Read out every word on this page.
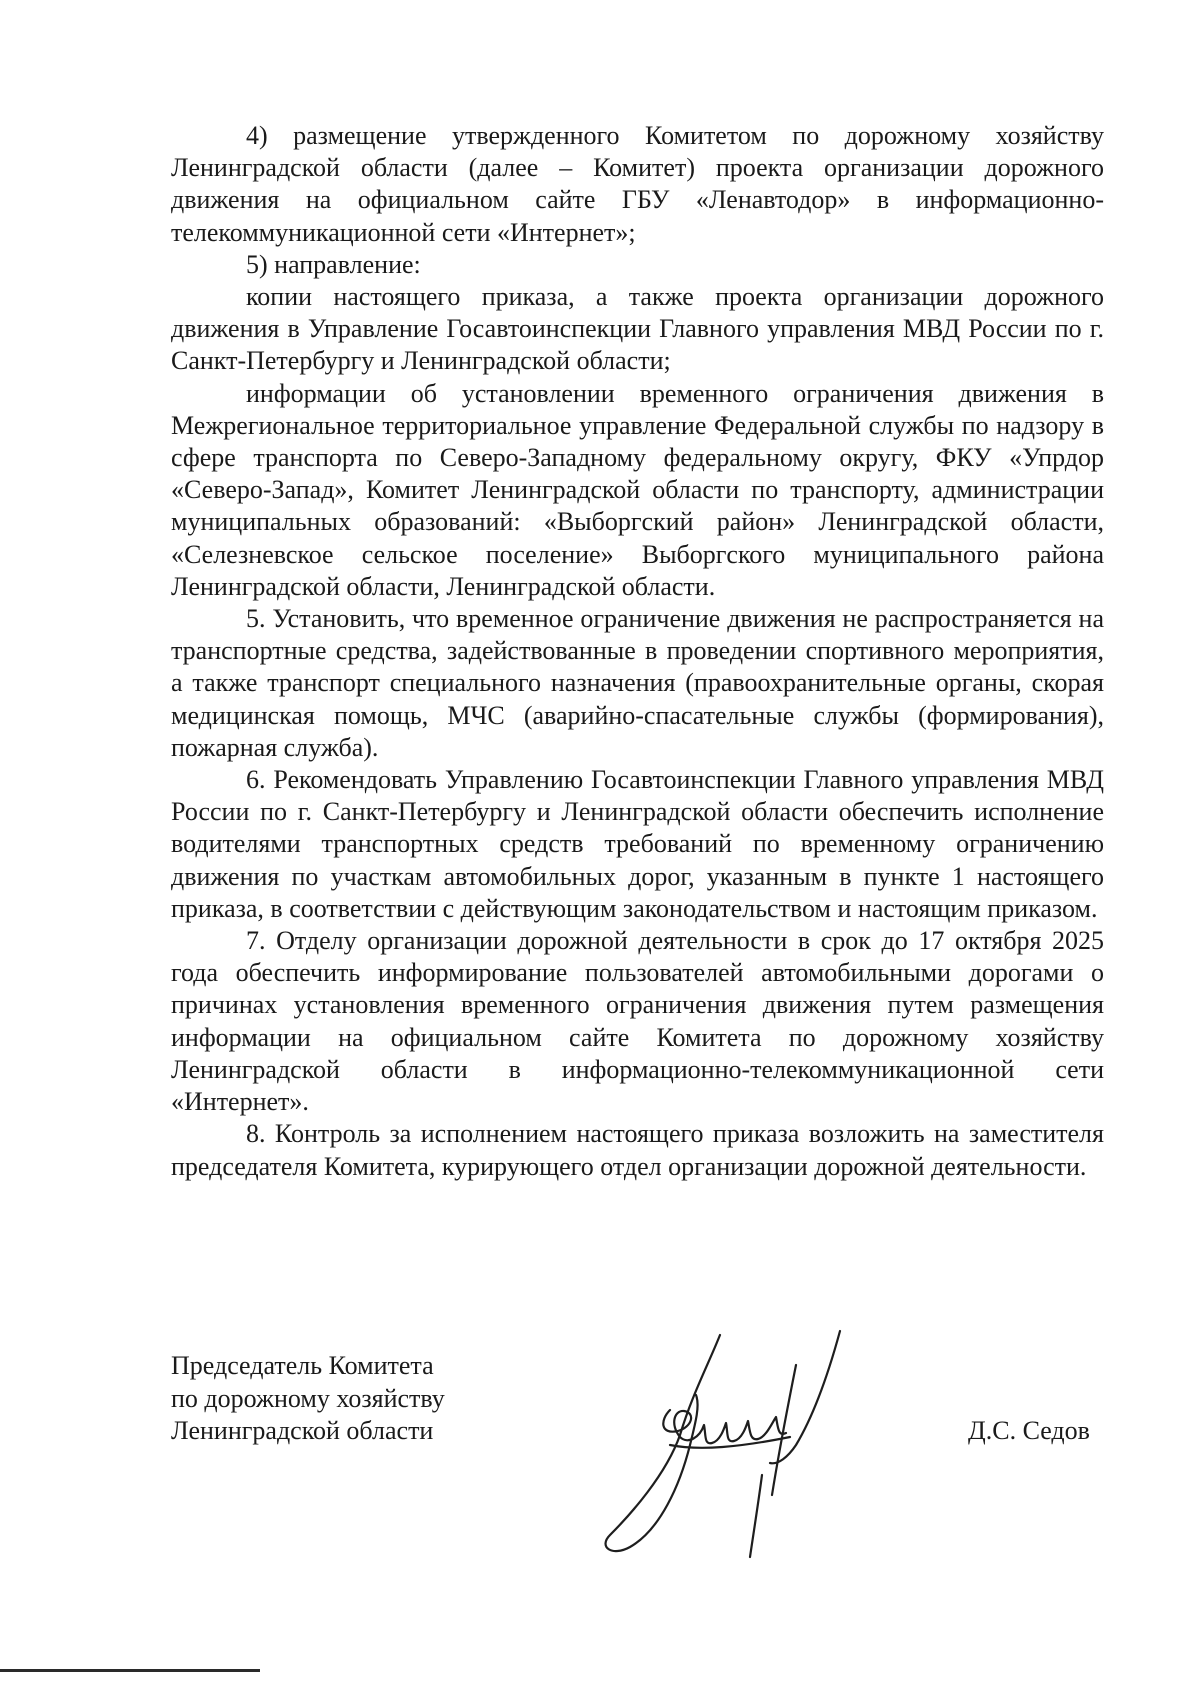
4) размещение утвержденного Комитетом по дорожному хозяйству Ленинградской области (далее – Комитет) проекта организации дорожного движения на официальном сайте ГБУ «Ленавтодор» в информационно-телекоммуникационной сети «Интернет»;

5) направление:

копии настоящего приказа, а также проекта организации дорожного движения в Управление Госавтоинспекции Главного управления МВД России по г. Санкт-Петербургу и Ленинградской области;

информации об установлении временного ограничения движения в Межрегиональное территориальное управление Федеральной службы по надзору в сфере транспорта по Северо-Западному федеральному округу, ФКУ «Упрдор «Северо-Запад», Комитет Ленинградской области по транспорту, администрации муниципальных образований: «Выборгский район» Ленинградской области, «Селезневское сельское поселение» Выборгского муниципального района Ленинградской области, Ленинградской области.

5. Установить, что временное ограничение движения не распространяется на транспортные средства, задействованные в проведении спортивного мероприятия, а также транспорт специального назначения (правоохранительные органы, скорая медицинская помощь, МЧС (аварийно-спасательные службы (формирования), пожарная служба).

6. Рекомендовать Управлению Госавтоинспекции Главного управления МВД России по г. Санкт-Петербургу и Ленинградской области обеспечить исполнение водителями транспортных средств требований по временному ограничению движения по участкам автомобильных дорог, указанным в пункте 1 настоящего приказа, в соответствии с действующим законодательством и настоящим приказом.

7. Отделу организации дорожной деятельности в срок до 17 октября 2025 года обеспечить информирование пользователей автомобильными дорогами о причинах установления временного ограничения движения путем размещения информации на официальном сайте Комитета по дорожному хозяйству Ленинградской области в информационно-телекоммуникационной сети «Интернет».

8. Контроль за исполнением настоящего приказа возложить на заместителя председателя Комитета, курирующего отдел организации дорожной деятельности.

Председатель Комитета
по дорожному хозяйству
Ленинградской области	Д.С. Седов
